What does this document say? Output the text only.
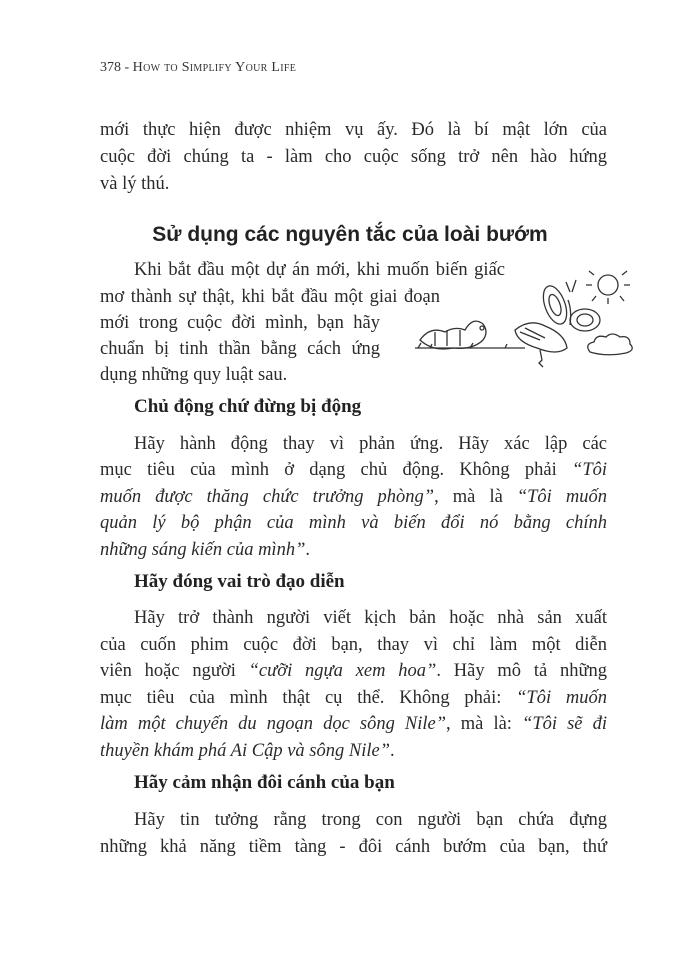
378 - How to Simplify Your Life
Sử dụng các nguyên tắc của loài bướm
mới thực hiện được nhiệm vụ ấy. Đó là bí mật lớn của
cuộc đời chúng ta - làm cho cuộc sống trở nên hào hứng
và lý thú.
Khi bắt đầu một dự án mới, khi muốn biến giấc
mơ thành sự thật, khi bắt đầu một giai đoạn
mới trong cuộc đời mình, bạn hãy
chuẩn bị tinh thần bằng cách ứng
dụng những quy luật sau.
Chủ động chứ đừng bị động
Hãy hành động thay vì phản ứng. Hãy xác lập các
mục tiêu của mình ở dạng chủ động. Không phải “Tôi
muốn được thăng chức trưởng phòng”, mà là “Tôi muốn
quản lý bộ phận của mình và biến đổi nó bằng chính
những sáng kiến của mình”.
Hãy đóng vai trò đạo diễn
Hãy trở thành người viết kịch bản hoặc nhà sản xuất
của cuốn phim cuộc đời bạn, thay vì chỉ làm một diễn
viên hoặc người “cưỡi ngựa xem hoa”. Hãy mô tả những
mục tiêu của mình thật cụ thể. Không phải: “Tôi muốn
làm một chuyến du ngoạn dọc sông Nile”, mà là: “Tôi sẽ đi
thuyền khám phá Ai Cập và sông Nile”.
Hãy cảm nhận đôi cánh của bạn
Hãy tin tưởng rằng trong con người bạn chứa đựng
những khả năng tiềm tàng - đôi cánh bướm của bạn, thứ
